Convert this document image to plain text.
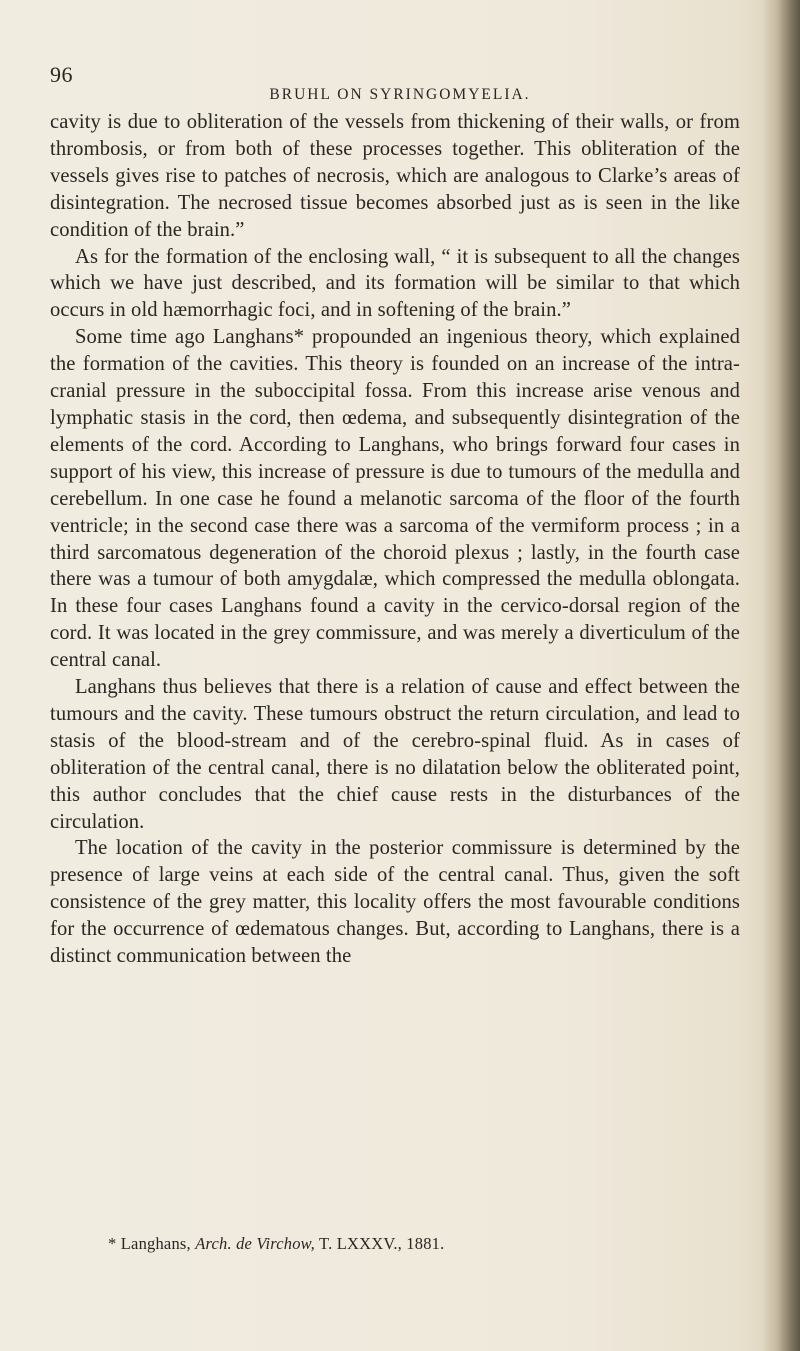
96
BRUHL ON SYRINGOMYELIA.

cavity is due to obliteration of the vessels from thickening of their walls, or from thrombosis, or from both of these processes together. This obliteration of the vessels gives rise to patches of necrosis, which are analogous to Clarke’s areas of disintegration. The necrosed tissue becomes absorbed just as is seen in the like condition of the brain.”

As for the formation of the enclosing wall, “ it is subsequent to all the changes which we have just described, and its formation will be similar to that which occurs in old hæmorrhagic foci, and in softening of the brain.”

Some time ago Langhans* propounded an ingenious theory, which explained the formation of the cavities. This theory is founded on an increase of the intra-cranial pressure in the suboccipital fossa. From this increase arise venous and lymphatic stasis in the cord, then œdema, and subsequently disintegration of the elements of the cord. According to Langhans, who brings forward four cases in support of his view, this increase of pressure is due to tumours of the medulla and cerebellum. In one case he found a melanotic sarcoma of the floor of the fourth ventricle; in the second case there was a sarcoma of the vermiform process ; in a third sarcomatous degeneration of the choroid plexus ; lastly, in the fourth case there was a tumour of both amygdalæ, which compressed the medulla oblongata. In these four cases Langhans found a cavity in the cervico-dorsal region of the cord. It was located in the grey commissure, and was merely a diverticulum of the central canal.

Langhans thus believes that there is a relation of cause and effect between the tumours and the cavity. These tumours obstruct the return circulation, and lead to stasis of the blood-stream and of the cerebro-spinal fluid. As in cases of obliteration of the central canal, there is no dilatation below the obliterated point, this author concludes that the chief cause rests in the disturbances of the circulation.

The location of the cavity in the posterior commissure is determined by the presence of large veins at each side of the central canal. Thus, given the soft consistence of the grey matter, this locality offers the most favourable conditions for the occurrence of œdematous changes. But, according to Langhans, there is a distinct communication between the

* Langhans, Arch. de Virchow, T. LXXXV., 1881.
